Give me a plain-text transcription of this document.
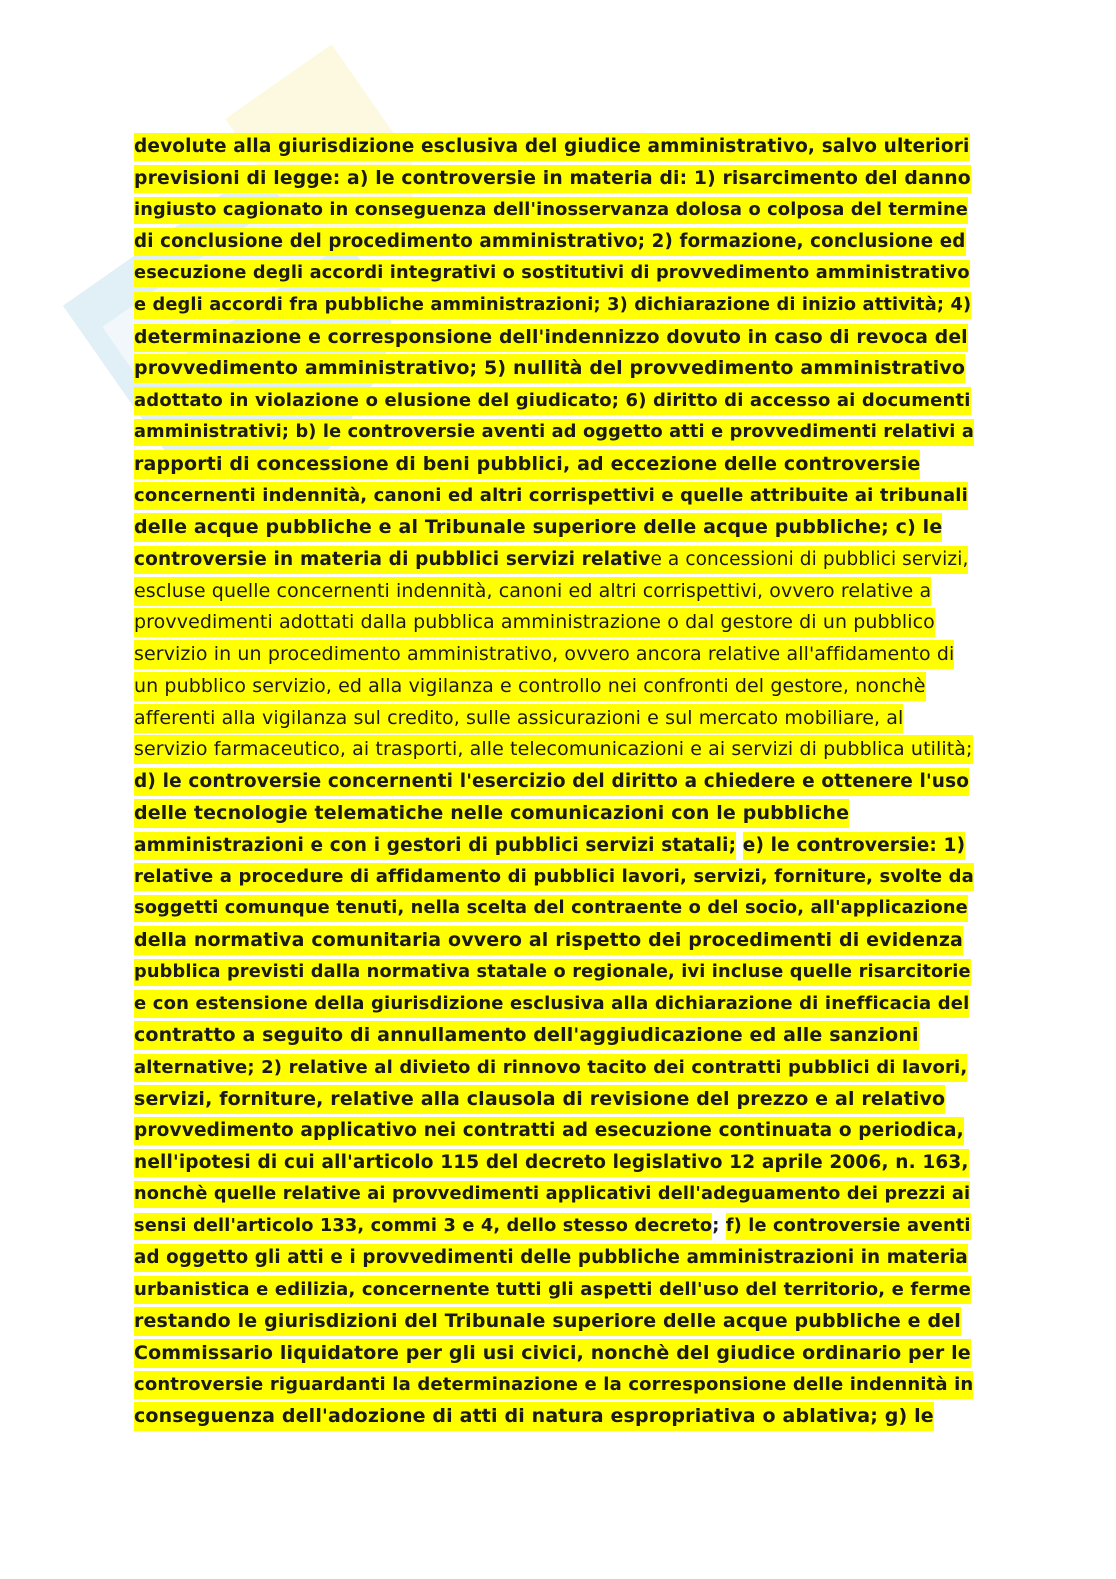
devolute alla giurisdizione esclusiva del giudice amministrativo, salvo ulteriori
previsioni di legge: a) le controversie in materia di: 1) risarcimento del danno
ingiusto cagionato in conseguenza dell'inosservanza dolosa o colposa del termine
di conclusione del procedimento amministrativo; 2) formazione, conclusione ed
esecuzione degli accordi integrativi o sostitutivi di provvedimento amministrativo
e degli accordi fra pubbliche amministrazioni; 3) dichiarazione di inizio attività; 4)
determinazione e corresponsione dell'indennizzo dovuto in caso di revoca del
provvedimento amministrativo; 5) nullità del provvedimento amministrativo
adottato in violazione o elusione del giudicato; 6) diritto di accesso ai documenti
amministrativi; b) le controversie aventi ad oggetto atti e provvedimenti relativi a
rapporti di concessione di beni pubblici, ad eccezione delle controversie
concernenti indennità, canoni ed altri corrispettivi e quelle attribuite ai tribunali
delle acque pubbliche e al Tribunale superiore delle acque pubbliche; c) le
controversie in materia di pubblici servizi relative a concessioni di pubblici servizi,
escluse quelle concernenti indennità, canoni ed altri corrispettivi, ovvero relative a
provvedimenti adottati dalla pubblica amministrazione o dal gestore di un pubblico
servizio in un procedimento amministrativo, ovvero ancora relative all'affidamento di
un pubblico servizio, ed alla vigilanza e controllo nei confronti del gestore, nonchè
afferenti alla vigilanza sul credito, sulle assicurazioni e sul mercato mobiliare, al
servizio farmaceutico, ai trasporti, alle telecomunicazioni e ai servizi di pubblica utilità;
d) le controversie concernenti l'esercizio del diritto a chiedere e ottenere l'uso
delle tecnologie telematiche nelle comunicazioni con le pubbliche
amministrazioni e con i gestori di pubblici servizi statali; e) le controversie: 1)
relative a procedure di affidamento di pubblici lavori, servizi, forniture, svolte da
soggetti comunque tenuti, nella scelta del contraente o del socio, all'applicazione
della normativa comunitaria ovvero al rispetto dei procedimenti di evidenza
pubblica previsti dalla normativa statale o regionale, ivi incluse quelle risarcitorie
e con estensione della giurisdizione esclusiva alla dichiarazione di inefficacia del
contratto a seguito di annullamento dell'aggiudicazione ed alle sanzioni
alternative; 2) relative al divieto di rinnovo tacito dei contratti pubblici di lavori,
servizi, forniture, relative alla clausola di revisione del prezzo e al relativo
provvedimento applicativo nei contratti ad esecuzione continuata o periodica,
nell'ipotesi di cui all'articolo 115 del decreto legislativo 12 aprile 2006, n. 163,
nonchè quelle relative ai provvedimenti applicativi dell'adeguamento dei prezzi ai
sensi dell'articolo 133, commi 3 e 4, dello stesso decreto; f) le controversie aventi
ad oggetto gli atti e i provvedimenti delle pubbliche amministrazioni in materia
urbanistica e edilizia, concernente tutti gli aspetti dell'uso del territorio, e ferme
restando le giurisdizioni del Tribunale superiore delle acque pubbliche e del
Commissario liquidatore per gli usi civici, nonchè del giudice ordinario per le
controversie riguardanti la determinazione e la corresponsione delle indennità in
conseguenza dell'adozione di atti di natura espropriativa o ablativa; g) le
